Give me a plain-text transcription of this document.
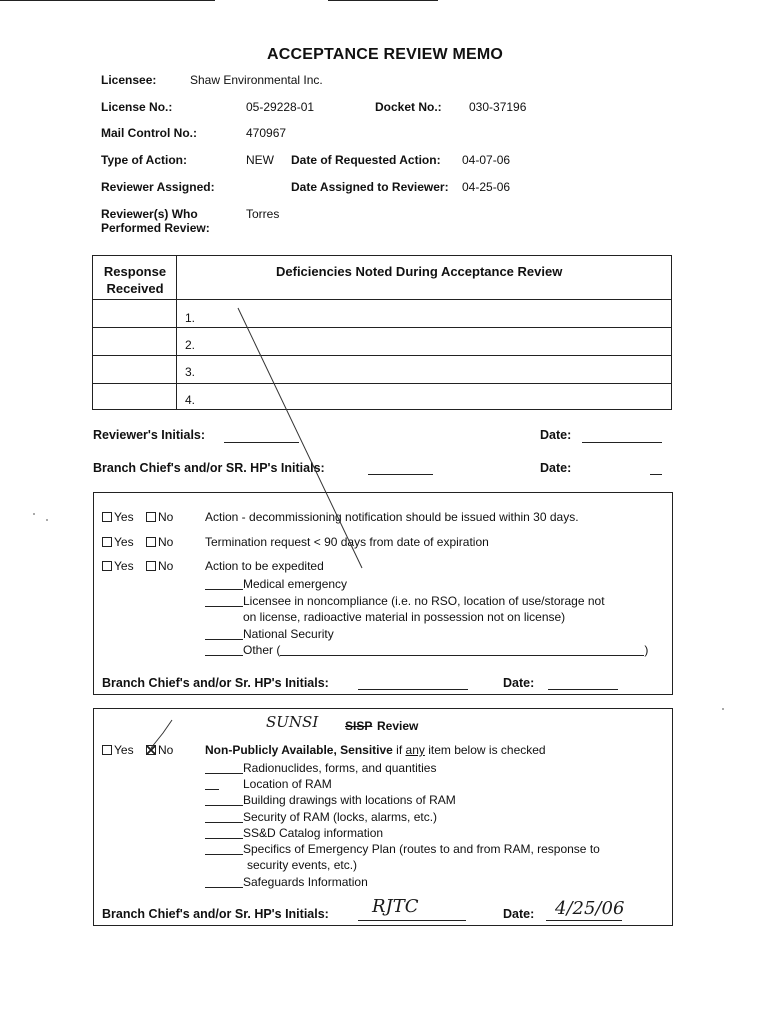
ACCEPTANCE REVIEW MEMO
Licensee:	Shaw Environmental Inc.
License No.:	05-29228-01	Docket No.: 030-37196
Mail Control No.:	470967
Type of Action:	NEW Date of Requested Action: 04-07-06
Reviewer Assigned:	Date Assigned to Reviewer: 04-25-06
Reviewer(s) Who
Performed Review:
Torres
Response
Received
Deficiencies Noted During Acceptance Review
1.
2.
3.
4.
Reviewer's Initials:	Date:
Branch Chief's and/or SR. HP's Initials:	Date:
Yes	No	Action - decommissioning notification should be issued within 30 days.
Yes	No	Termination request < 90 days from date of expiration
Yes	No	Action to be expedited
Medical emergency
Licensee in noncompliance (i.e. no RSO, location of use/storage not
on license, radioactive material in possession not on license)
National Security
Other (	)
Branch Chief's and/or Sr. HP's Initials:	Date:
SUNSI SISP Review
Yes	No	Non-Publicly Available, Sensitive if any item below is checked
Radionuclides, forms, and quantities
Location of RAM
Building drawings with locations of RAM
Security of RAM (locks, alarms, etc.)
SS&D Catalog information
Specifics of Emergency Plan (routes to and from RAM, response to
security events, etc.)
Safeguards Information
Branch Chief's and/or Sr. HP's Initials: RJTC	Date: 4/25/06
